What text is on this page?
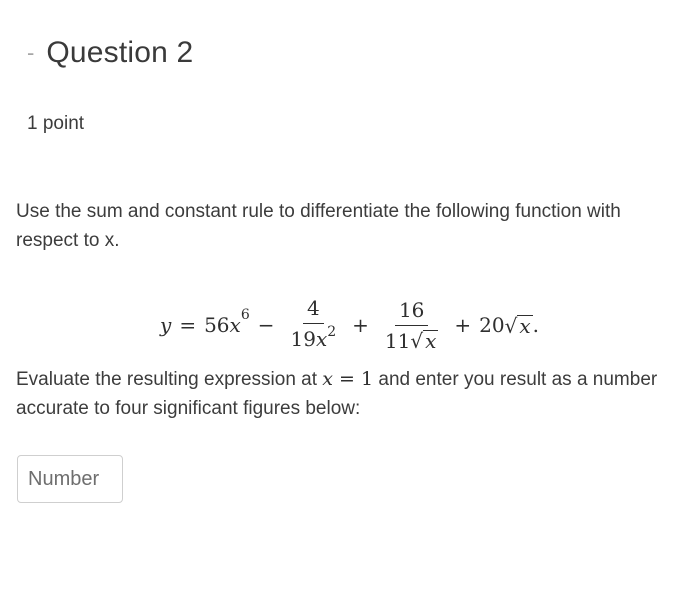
- Question 2
1 point
Use the sum and constant rule to differentiate the following function with respect to x.
y = 56 x $6 - \frac{4}{19x^2} + \frac{16}{11 √ x} + 20$ √ x .
Evaluate the resulting expression at x = 1 and enter you result as a number accurate to four significant figures below:
Number
